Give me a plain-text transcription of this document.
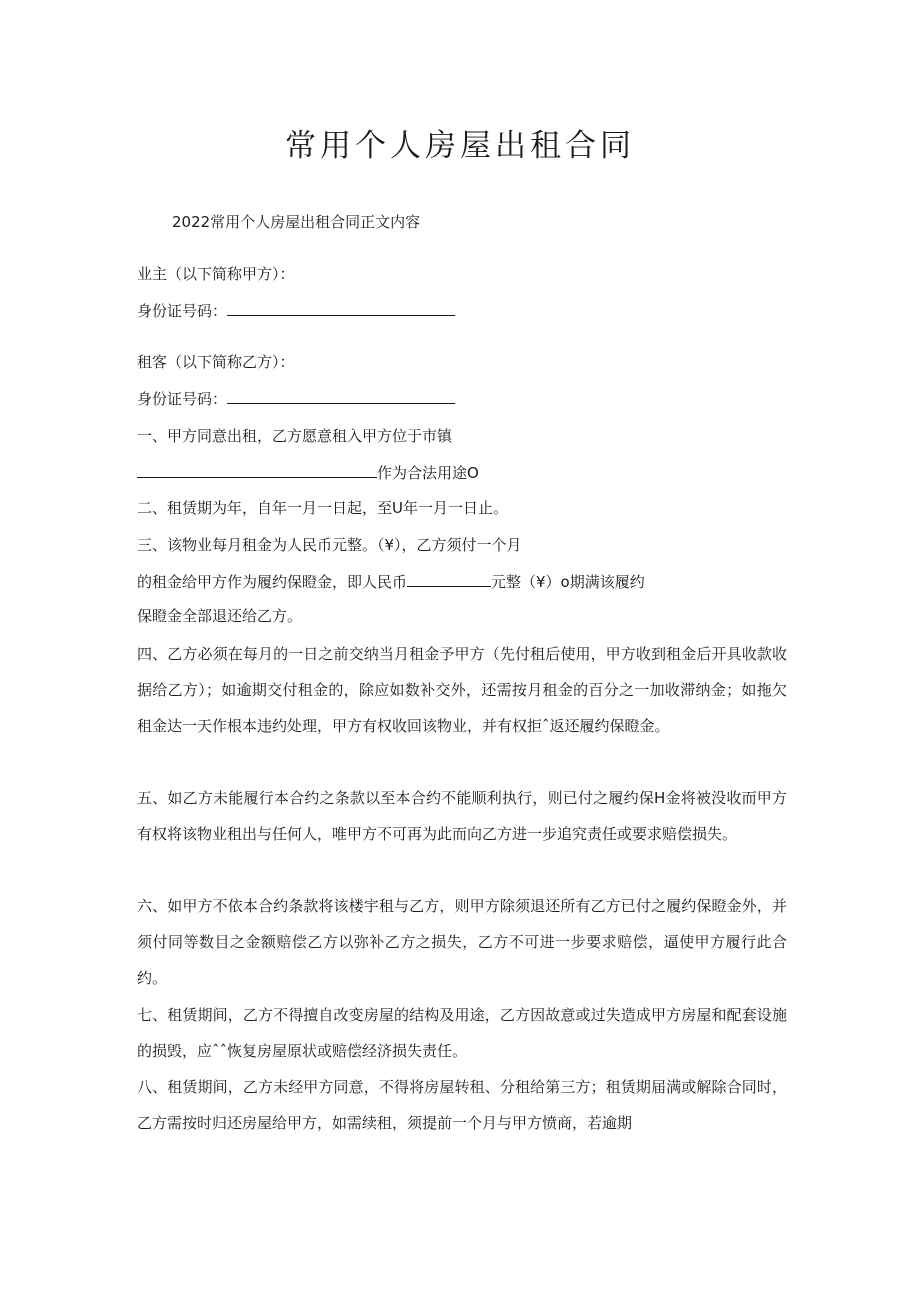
常用个人房屋出租合同
2022常用个人房屋出租合同正文内容
业主（以下简称甲方）：
身份证号码：
租客（以下简称乙方）：
身份证号码：
一、甲方同意出租，乙方愿意租入甲方位于市镇
作为合法用途O
二、租赁期为年，自年一月一日起，至U年一月一日止。
三、该物业每月租金为人民币元整。（¥），乙方须付一个月
的租金给甲方作为履约保瞪金，即人民币	元整（¥）o期满该履约
保瞪金全部退还给乙方。
四、乙方必须在每月的一日之前交纳当月租金予甲方（先付租后使用，甲方收到租金后开具收款收据给乙方）；如逾期交付租金的，除应如数补交外，还需按月租金的百分之一加收滞纳金；如拖欠租金达一天作根本违约处理，甲方有权收回该物业，并有权拒ˆ返还履约保瞪金。
五、如乙方未能履行本合约之条款以至本合约不能顺利执行，则已付之履约保H金将被没收而甲方有权将该物业租出与任何人，唯甲方不可再为此而向乙方进一步追究责任或要求赔偿损失。
六、如甲方不依本合约条款将该楼宇租与乙方，则甲方除须退还所有乙方已付之履约保瞪金外，并须付同等数目之金额赔偿乙方以弥补乙方之损失，乙方不可进一步要求赔偿，逼使甲方履行此合约。
七、租赁期间，乙方不得擅自改变房屋的结构及用途，乙方因故意或过失造成甲方房屋和配套设施的损毁，应ˆˆ恢复房屋原状或赔偿经济损失责任。
八、租赁期间，乙方未经甲方同意，不得将房屋转租、分租给第三方；租赁期届满或解除合同时，乙方需按时归还房屋给甲方，如需续租，须提前一个月与甲方愤商，若逾期
